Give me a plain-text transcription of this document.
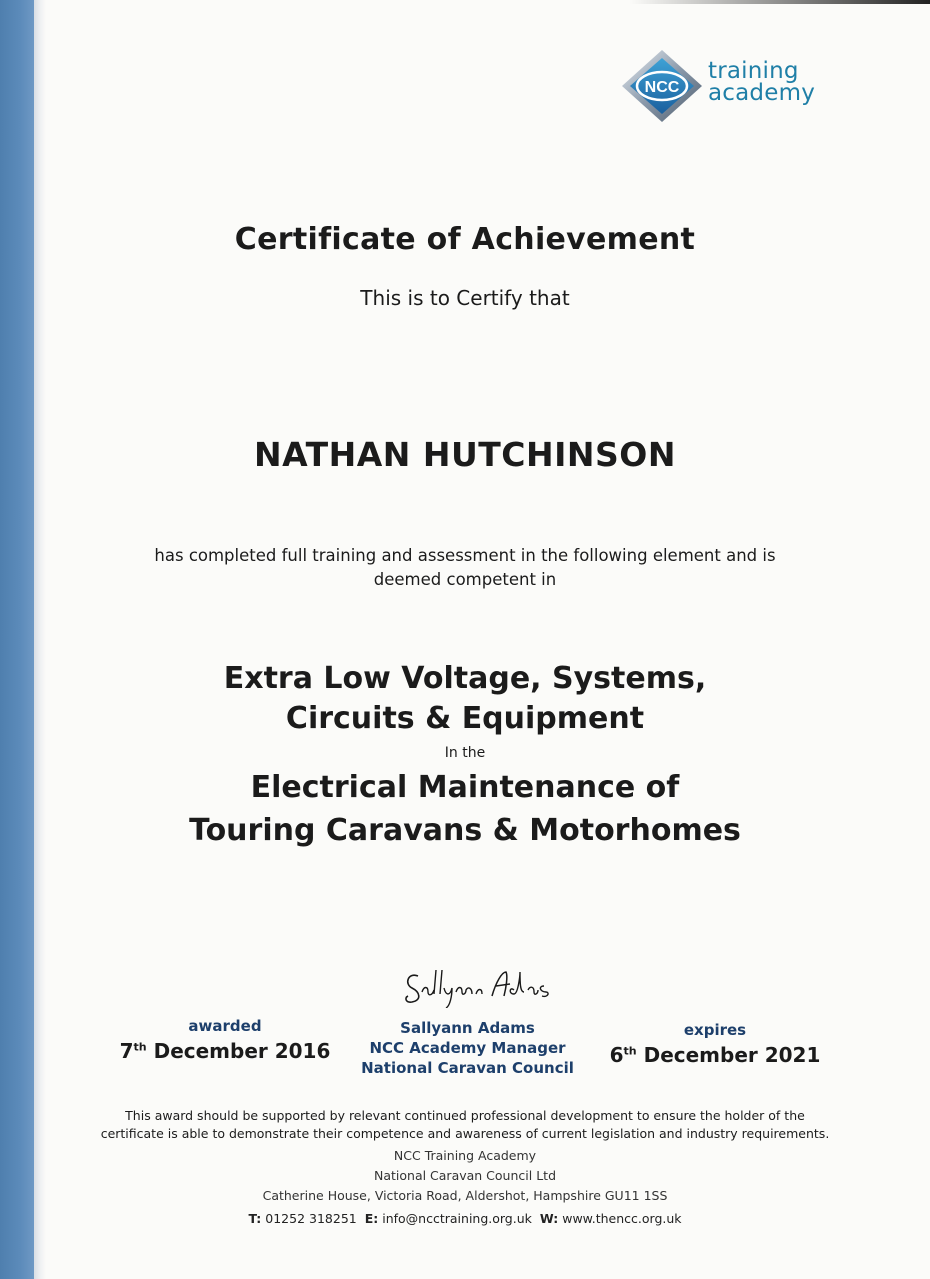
NCC
training
academy
Certificate of Achievement
This is to Certify that
NATHAN HUTCHINSON
has completed full training and assessment in the following element and is
deemed competent in
Extra Low Voltage, Systems,
Circuits & Equipment
In the
Electrical Maintenance of
Touring Caravans & Motorhomes
awarded
7th December 2016
Sallyann Adams
NCC Academy Manager
National Caravan Council
expires
6th December 2021
This award should be supported by relevant continued professional development to ensure the holder of the
certificate is able to demonstrate their competence and awareness of current legislation and industry requirements.
NCC Training Academy
National Caravan Council Ltd
Catherine House, Victoria Road, Aldershot, Hampshire GU11 1SS
T: 01252 318251 E: info@ncctraining.org.uk W: www.thencc.org.uk
